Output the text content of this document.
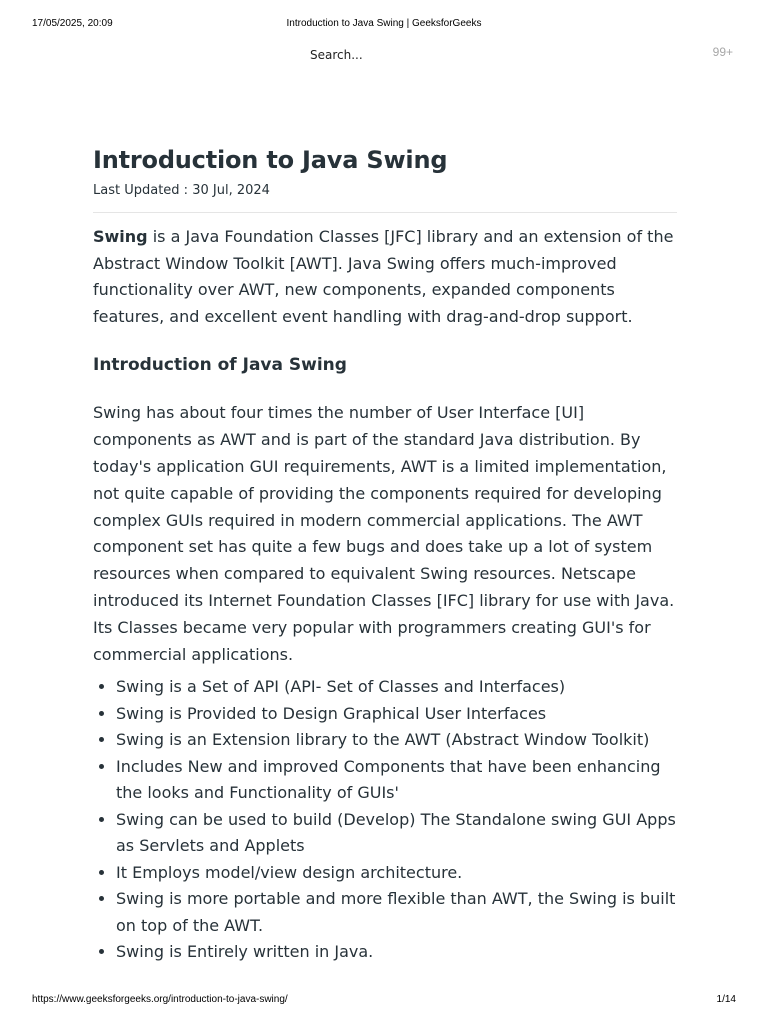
17/05/2025, 20:09	Introduction to Java Swing | GeeksforGeeks
Search...	99+
Introduction to Java Swing
Last Updated : 30 Jul, 2024

Swing is a Java Foundation Classes [JFC] library and an extension of the Abstract Window Toolkit [AWT]. Java Swing offers much-improved functionality over AWT, new components, expanded components features, and excellent event handling with drag-and-drop support.

Introduction of Java Swing

Swing has about four times the number of User Interface [UI] components as AWT and is part of the standard Java distribution. By today's application GUI requirements, AWT is a limited implementation, not quite capable of providing the components required for developing complex GUIs required in modern commercial applications. The AWT component set has quite a few bugs and does take up a lot of system resources when compared to equivalent Swing resources. Netscape introduced its Internet Foundation Classes [IFC] library for use with Java. Its Classes became very popular with programmers creating GUI's for commercial applications.

• Swing is a Set of API (API- Set of Classes and Interfaces)
• Swing is Provided to Design Graphical User Interfaces
• Swing is an Extension library to the AWT (Abstract Window Toolkit)
• Includes New and improved Components that have been enhancing the looks and Functionality of GUIs'
• Swing can be used to build (Develop) The Standalone swing GUI Apps as Servlets and Applets
• It Employs model/view design architecture.
• Swing is more portable and more flexible than AWT, the Swing is built on top of the AWT.
• Swing is Entirely written in Java.
https://www.geeksforgeeks.org/introduction-to-java-swing/	1/14
